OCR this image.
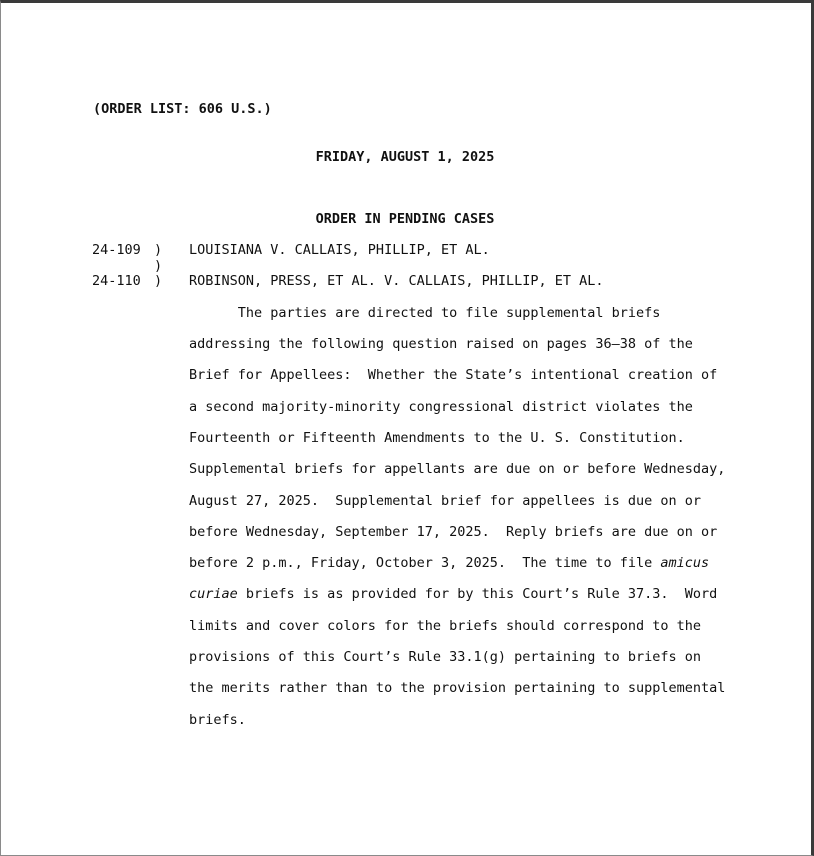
(ORDER LIST: 606 U.S.)
FRIDAY, AUGUST 1, 2025
ORDER IN PENDING CASES
24-109 ) LOUISIANA V. CALLAIS, PHILLIP, ET AL.
)
24-110 ) ROBINSON, PRESS, ET AL. V. CALLAIS, PHILLIP, ET AL.
The parties are directed to file supplemental briefs
addressing the following question raised on pages 36–38 of the
Brief for Appellees:  Whether the State’s intentional creation of
a second majority-minority congressional district violates the
Fourteenth or Fifteenth Amendments to the U. S. Constitution.
Supplemental briefs for appellants are due on or before Wednesday,
August 27, 2025.  Supplemental brief for appellees is due on or
before Wednesday, September 17, 2025.  Reply briefs are due on or
before 2 p.m., Friday, October 3, 2025.  The time to file amicus
curiae briefs is as provided for by this Court’s Rule 37.3.  Word
limits and cover colors for the briefs should correspond to the
provisions of this Court’s Rule 33.1(g) pertaining to briefs on
the merits rather than to the provision pertaining to supplemental
briefs.
